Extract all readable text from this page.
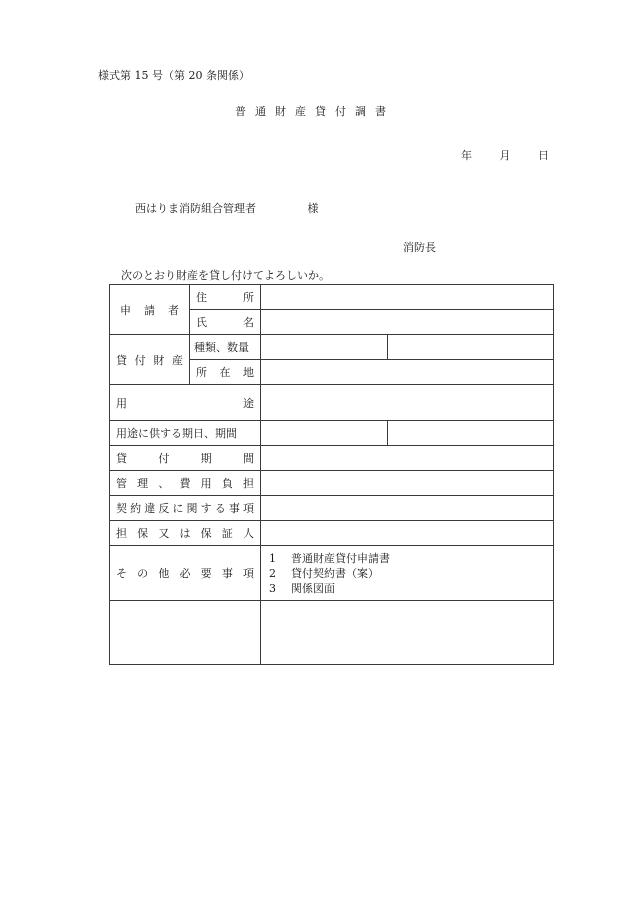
様式第 15 号（第 20 条関係）
普通財産貸付調書
年	月	日
西はりま消防組合管理者	様
消防長
次のとおり財産を貸し付けてよろしいか。
申請者	住所		
	氏名		
貸付財産	種類、数量		
	所在地		
用途			
用途に供する期日、期間			
貸付期間			
管理、費用負担			
契約違反に関する事項			
担保又は保証人			
その他必要事項		1 普通財産貸付申請書
2 貸付契約書（案）
3 関係図面	
